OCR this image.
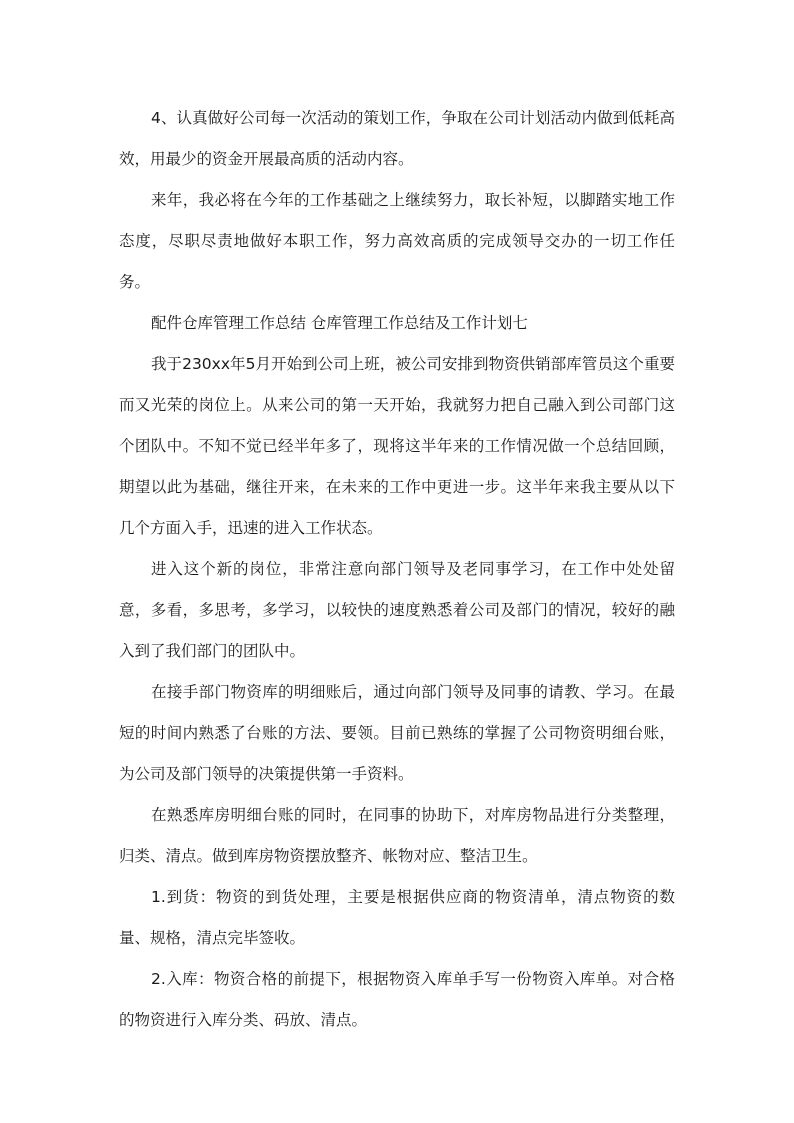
4、认真做好公司每一次活动的策划工作，争取在公司计划活动内做到低耗高效，用最少的资金开展最高质的活动内容。

来年，我必将在今年的工作基础之上继续努力，取长补短，以脚踏实地工作态度，尽职尽责地做好本职工作，努力高效高质的完成领导交办的一切工作任务。

配件仓库管理工作总结 仓库管理工作总结及工作计划七

我于230xx年5月开始到公司上班，被公司安排到物资供销部库管员这个重要而又光荣的岗位上。从来公司的第一天开始，我就努力把自己融入到公司部门这个团队中。不知不觉已经半年多了，现将这半年来的工作情况做一个总结回顾，期望以此为基础，继往开来，在未来的工作中更进一步。这半年来我主要从以下几个方面入手，迅速的进入工作状态。

进入这个新的岗位，非常注意向部门领导及老同事学习，在工作中处处留意，多看，多思考，多学习，以较快的速度熟悉着公司及部门的情况，较好的融入到了我们部门的团队中。

在接手部门物资库的明细账后，通过向部门领导及同事的请教、学习。在最短的时间内熟悉了台账的方法、要领。目前已熟练的掌握了公司物资明细台账，为公司及部门领导的决策提供第一手资料。

在熟悉库房明细台账的同时，在同事的协助下，对库房物品进行分类整理，归类、清点。做到库房物资摆放整齐、帐物对应、整洁卫生。

1.到货：物资的到货处理，主要是根据供应商的物资清单，清点物资的数量、规格，清点完毕签收。

2.入库：物资合格的前提下，根据物资入库单手写一份物资入库单。对合格的物资进行入库分类、码放、清点。
